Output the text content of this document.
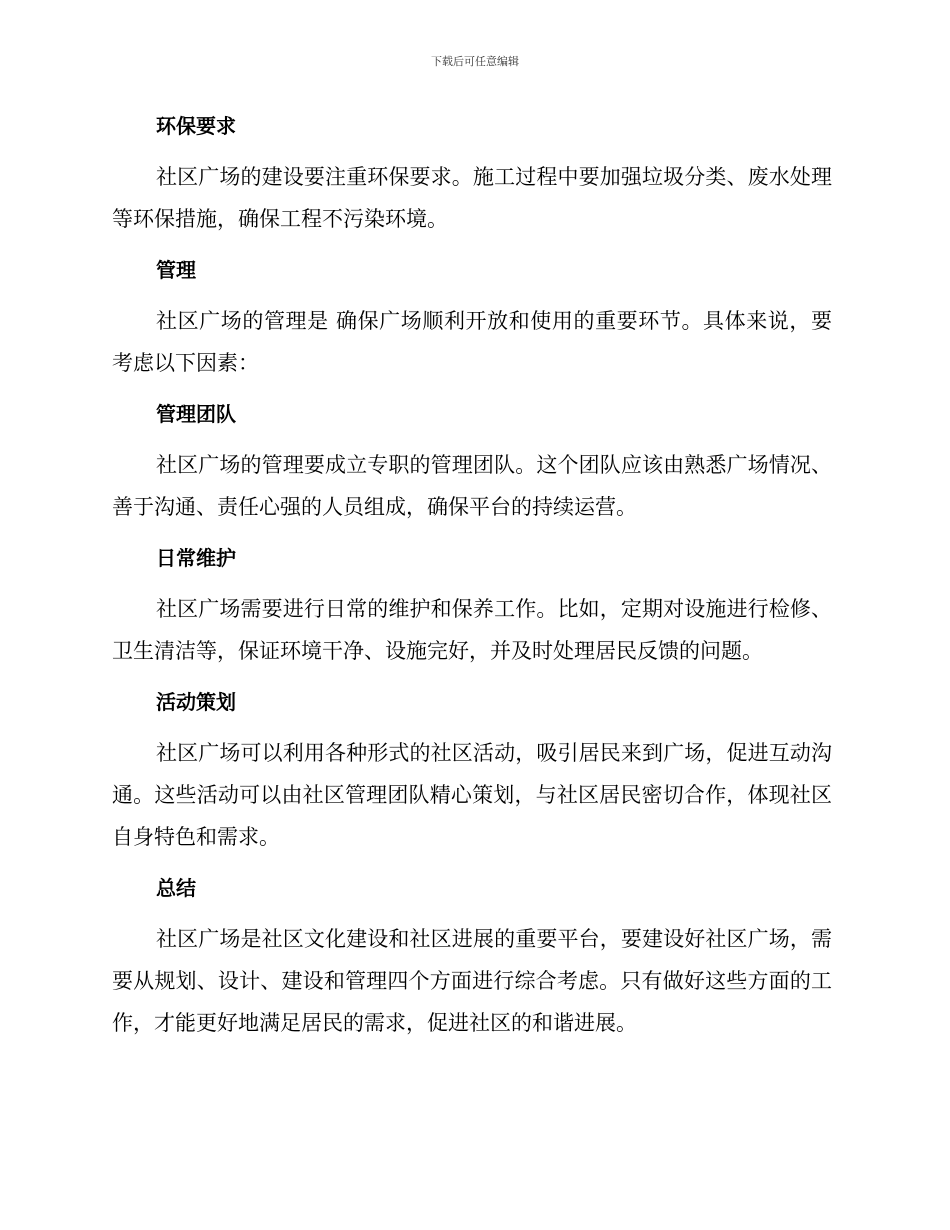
下载后可任意编辑
环保要求

社区广场的建设要注重环保要求。施工过程中要加强垃圾分类、废水处理等环保措施，确保工程不污染环境。

管理

社区广场的管理是 确保广场顺利开放和使用的重要环节。具体来说，要考虑以下因素：

管理团队

社区广场的管理要成立专职的管理团队。这个团队应该由熟悉广场情况、善于沟通、责任心强的人员组成，确保平台的持续运营。

日常维护

社区广场需要进行日常的维护和保养工作。比如，定期对设施进行检修、卫生清洁等，保证环境干净、设施完好，并及时处理居民反馈的问题。

活动策划

社区广场可以利用各种形式的社区活动，吸引居民来到广场，促进互动沟通。这些活动可以由社区管理团队精心策划，与社区居民密切合作，体现社区自身特色和需求。

总结

社区广场是社区文化建设和社区进展的重要平台，要建设好社区广场，需要从规划、设计、建设和管理四个方面进行综合考虑。只有做好这些方面的工作，才能更好地满足居民的需求，促进社区的和谐进展。
